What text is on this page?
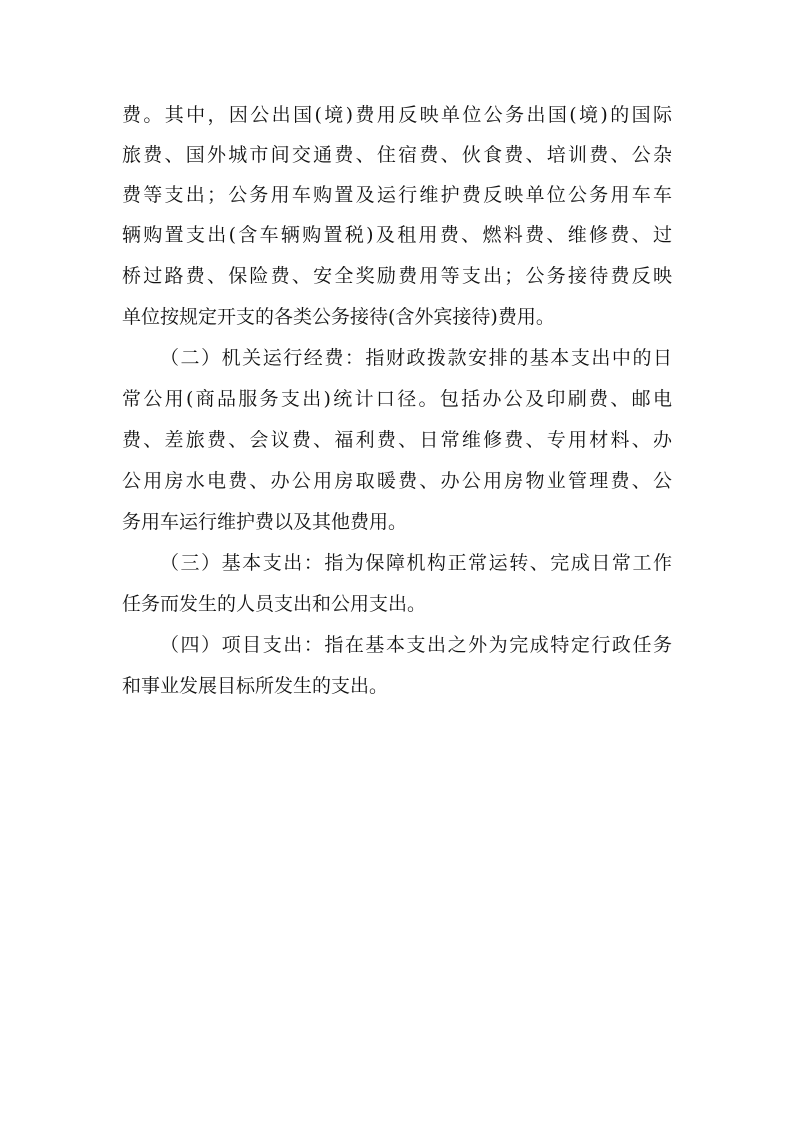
费。其中，因公出国(境)费用反映单位公务出国(境)的国际
旅费、国外城市间交通费、住宿费、伙食费、培训费、公杂
费等支出；公务用车购置及运行维护费反映单位公务用车车
辆购置支出(含车辆购置税)及租用费、燃料费、维修费、过
桥过路费、保险费、安全奖励费用等支出；公务接待费反映
单位按规定开支的各类公务接待(含外宾接待)费用。
（二）机关运行经费：指财政拨款安排的基本支出中的日
常公用(商品服务支出)统计口径。包括办公及印刷费、邮电
费、差旅费、会议费、福利费、日常维修费、专用材料、办
公用房水电费、办公用房取暖费、办公用房物业管理费、公
务用车运行维护费以及其他费用。
（三）基本支出：指为保障机构正常运转、完成日常工作
任务而发生的人员支出和公用支出。
（四）项目支出：指在基本支出之外为完成特定行政任务
和事业发展目标所发生的支出。
